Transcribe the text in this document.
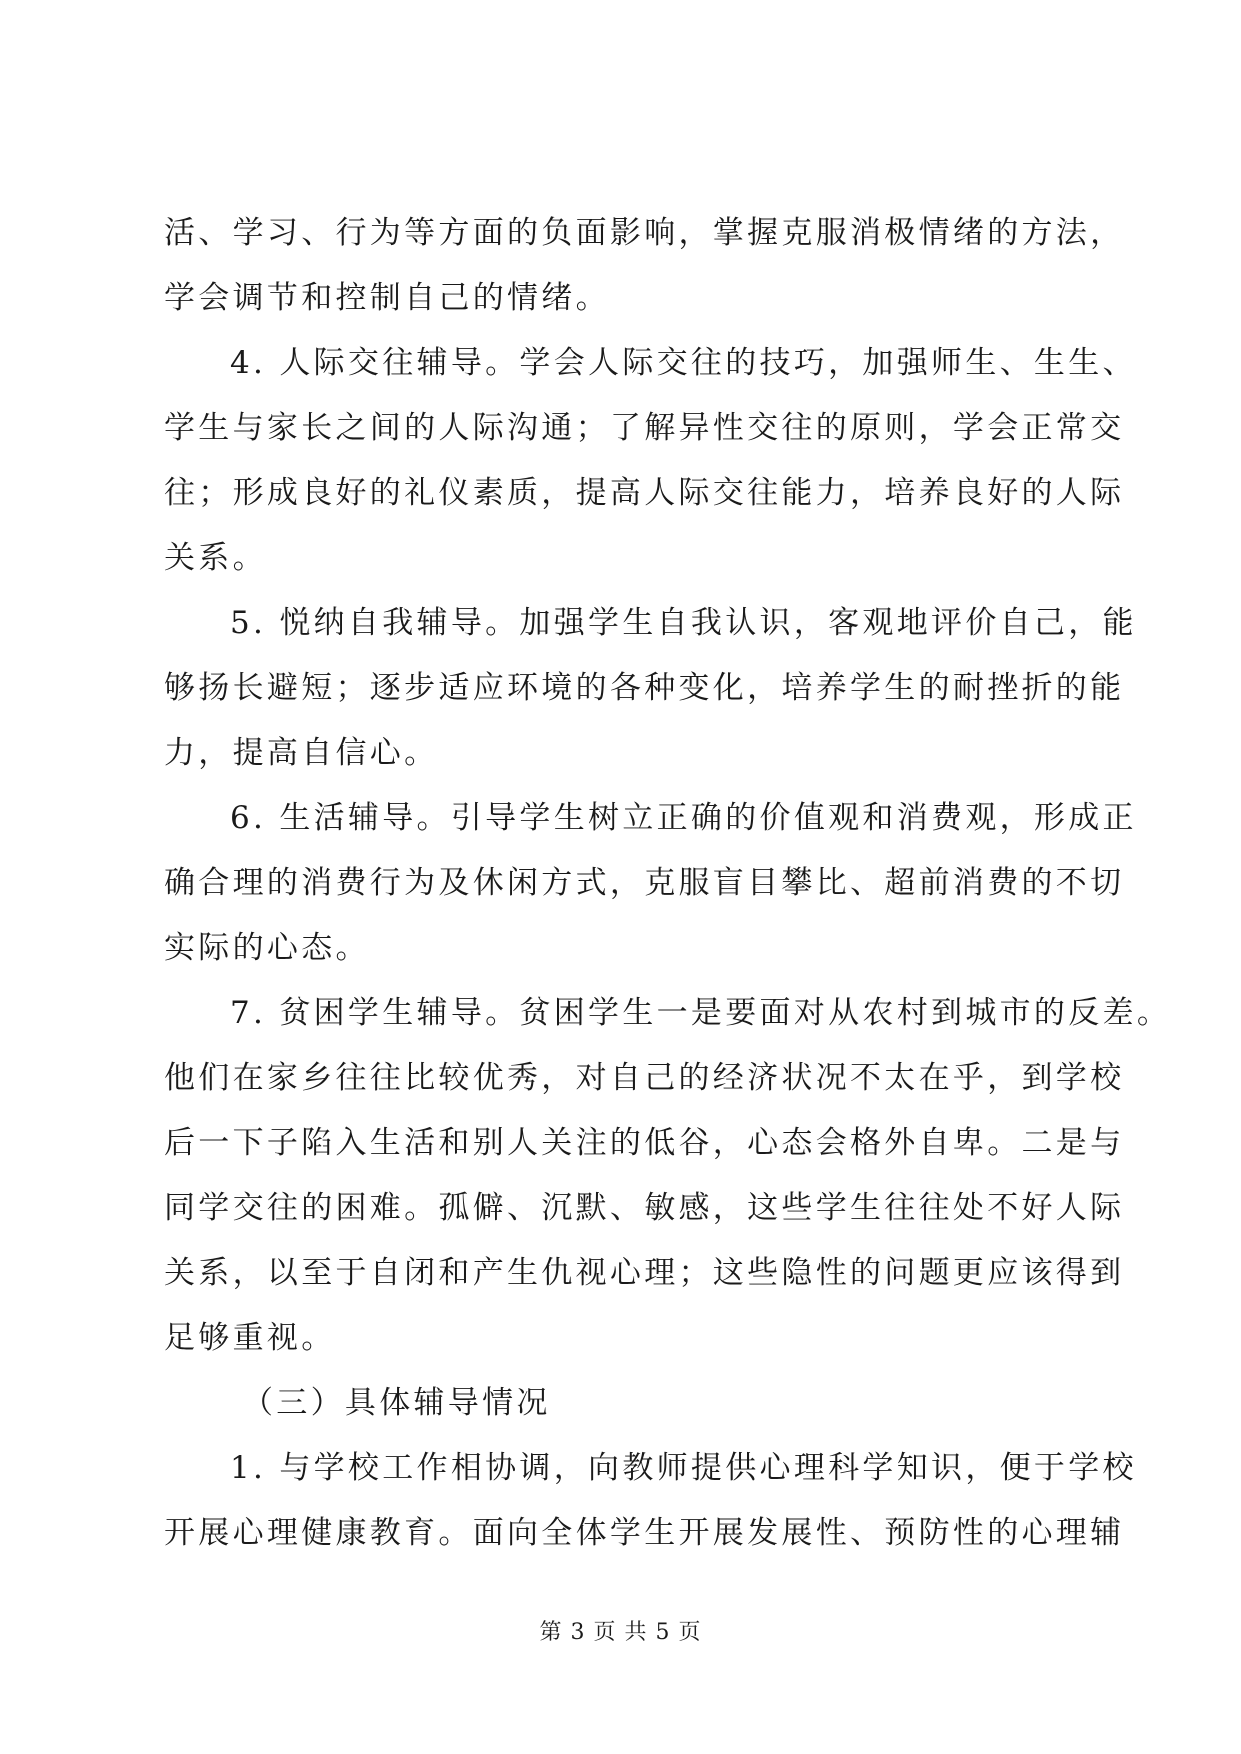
活、学习、行为等方面的负面影响，掌握克服消极情绪的方法，
学会调节和控制自己的情绪。
4. 人际交往辅导。学会人际交往的技巧，加强师生、生生、
学生与家长之间的人际沟通；了解异性交往的原则，学会正常交
往；形成良好的礼仪素质，提高人际交往能力，培养良好的人际
关系。
5. 悦纳自我辅导。加强学生自我认识，客观地评价自己，能
够扬长避短；逐步适应环境的各种变化，培养学生的耐挫折的能
力，提高自信心。
6. 生活辅导。引导学生树立正确的价值观和消费观，形成正
确合理的消费行为及休闲方式，克服盲目攀比、超前消费的不切
实际的心态。
7. 贫困学生辅导。贫困学生一是要面对从农村到城市的反差。
他们在家乡往往比较优秀，对自己的经济状况不太在乎，到学校
后一下子陷入生活和别人关注的低谷，心态会格外自卑。二是与
同学交往的困难。孤僻、沉默、敏感，这些学生往往处不好人际
关系，以至于自闭和产生仇视心理；这些隐性的问题更应该得到
足够重视。
（三）具体辅导情况
1. 与学校工作相协调，向教师提供心理科学知识，便于学校
开展心理健康教育。面向全体学生开展发展性、预防性的心理辅
第 3 页 共 5 页
